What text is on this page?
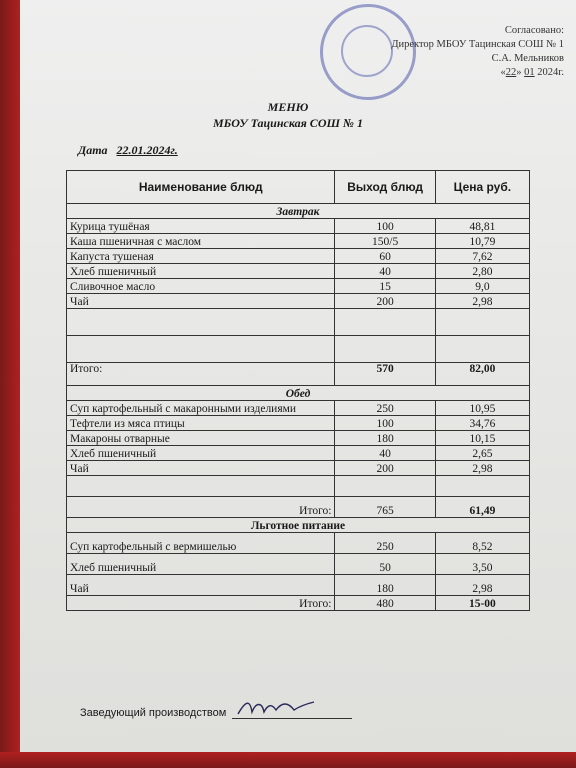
Согласовано:
Директор МБОУ Тацинская СОШ № 1
С.А. Мельников
«22» 01 2024г.
МЕНЮ
МБОУ Тацинская СОШ № 1
Дата 22.01.2024г.
Наименование блюд	Выход блюд	Цена руб.
Завтрак		
Курица тушёная	100	48,81
Каша пшеничная с маслом	150/5	10,79
Капуста тушеная	60	7,62
Хлеб пшеничный	40	2,80
Сливочное масло	15	9,0
Чай	200	2,98

Итого:	570	82,00
Обед		
Суп картофельный с макаронными изделиями	250	10,95
Тефтели из мяса птицы	100	34,76
Макароны отварные	180	10,15
Хлеб пшеничный	40	2,65
Чай	200	2,98

Итого:	765	61,49
Льготное питание		
Суп картофельный с вермишелью	250	8,52
Хлеб пшеничный	50	3,50
Чай	180	2,98
Итого:	480	15-00
Заведующий производством
